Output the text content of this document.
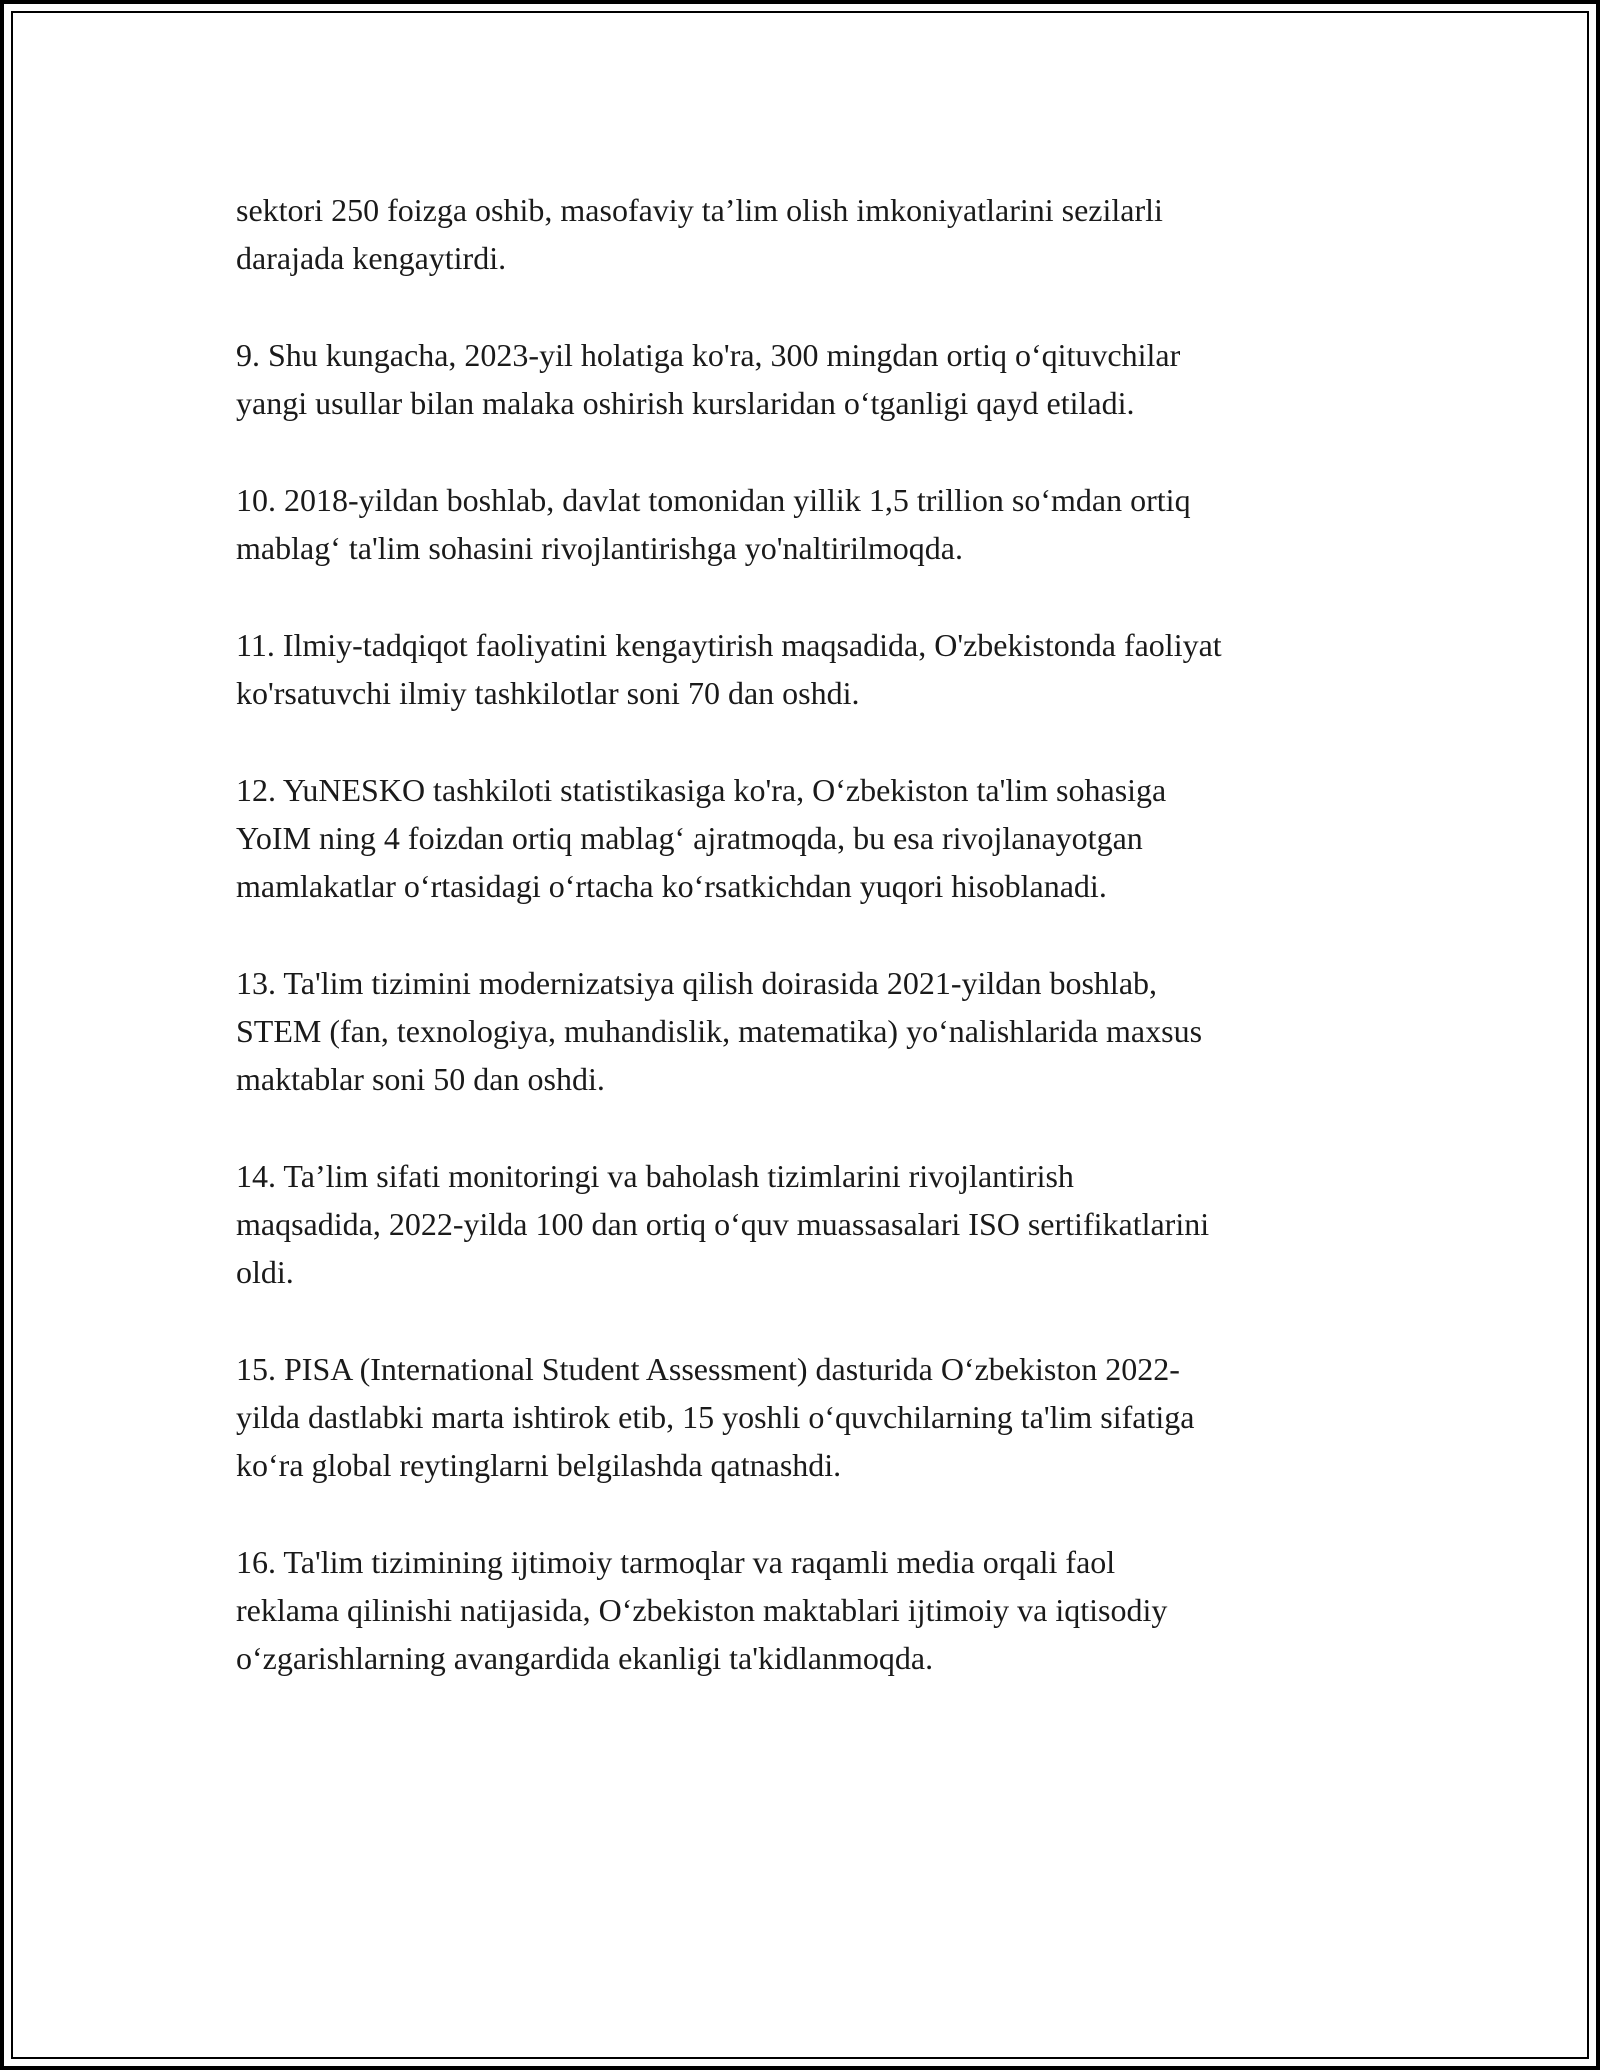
sektori 250 foizga oshib, masofaviy ta’lim olish imkoniyatlarini sezilarli
darajada kengaytirdi.

9. Shu kungacha, 2023-yil holatiga ko'ra, 300 mingdan ortiq o‘qituvchilar
yangi usullar bilan malaka oshirish kurslaridan o‘tganligi qayd etiladi.

10. 2018-yildan boshlab, davlat tomonidan yillik 1,5 trillion so‘mdan ortiq
mablag‘ ta'lim sohasini rivojlantirishga yo'naltirilmoqda.

11. Ilmiy-tadqiqot faoliyatini kengaytirish maqsadida, O'zbekistonda faoliyat
ko'rsatuvchi ilmiy tashkilotlar soni 70 dan oshdi.

12. YuNESKO tashkiloti statistikasiga ko'ra, O‘zbekiston ta'lim sohasiga
YoIM ning 4 foizdan ortiq mablag‘ ajratmoqda, bu esa rivojlanayotgan
mamlakatlar o‘rtasidagi o‘rtacha ko‘rsatkichdan yuqori hisoblanadi.

13. Ta'lim tizimini modernizatsiya qilish doirasida 2021-yildan boshlab,
STEM (fan, texnologiya, muhandislik, matematika) yo‘nalishlarida maxsus
maktablar soni 50 dan oshdi.

14. Ta’lim sifati monitoringi va baholash tizimlarini rivojlantirish
maqsadida, 2022-yilda 100 dan ortiq o‘quv muassasalari ISO sertifikatlarini
oldi.

15. PISA (International Student Assessment) dasturida O‘zbekiston 2022-
yilda dastlabki marta ishtirok etib, 15 yoshli o‘quvchilarning ta'lim sifatiga
ko‘ra global reytinglarni belgilashda qatnashdi.

16. Ta'lim tizimining ijtimoiy tarmoqlar va raqamli media orqali faol
reklama qilinishi natijasida, O‘zbekiston maktablari ijtimoiy va iqtisodiy
o‘zgarishlarning avangardida ekanligi ta'kidlanmoqda.
